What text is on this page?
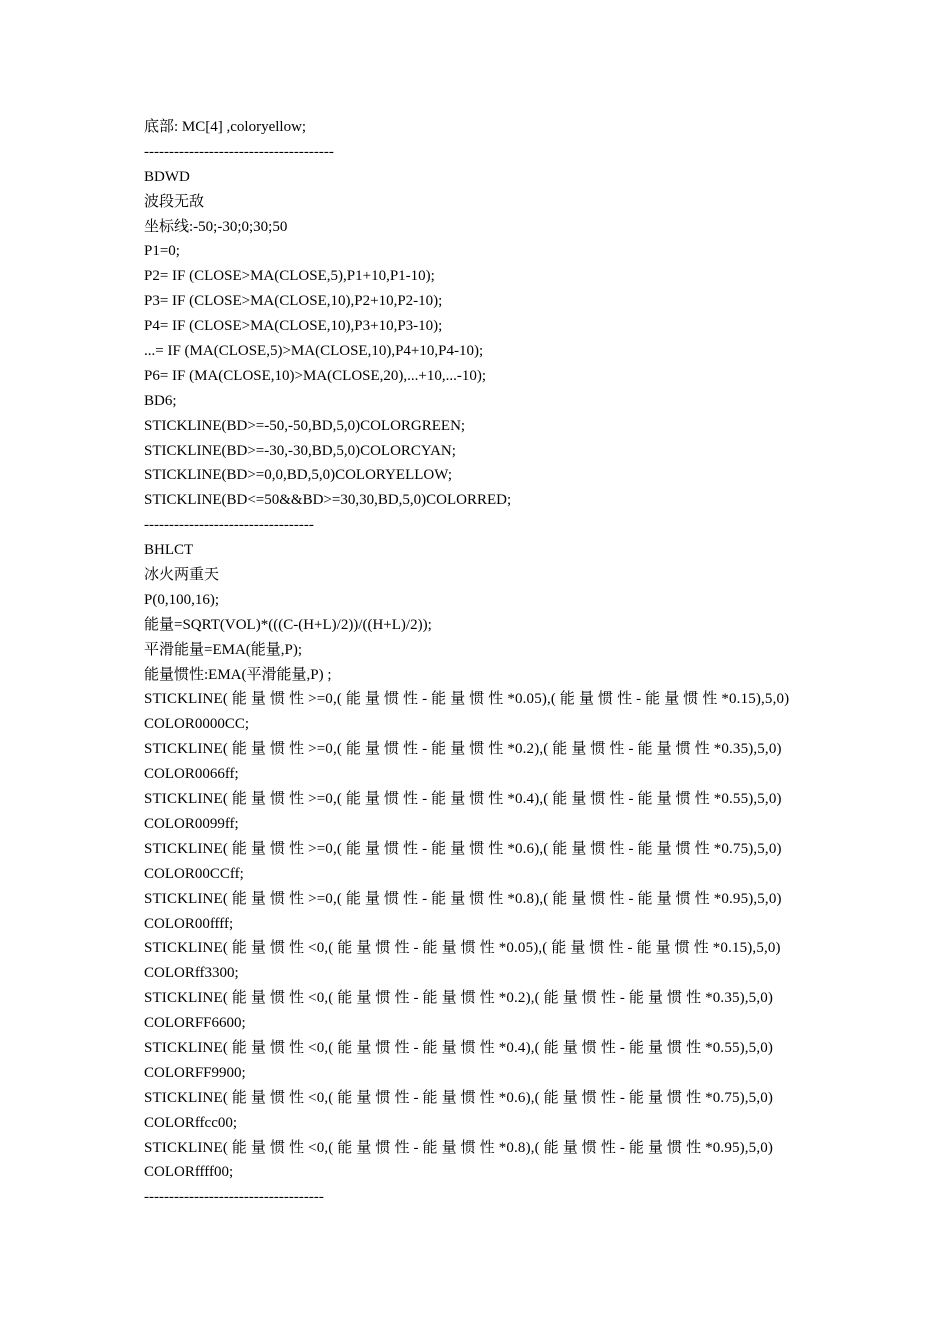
底部: MC[4] ,coloryellow;
--------------------------------------
BDWD
波段无敌
坐标线:-50;-30;0;30;50
P1=0;
P2= IF (CLOSE>MA(CLOSE,5),P1+10,P1-10);
P3= IF (CLOSE>MA(CLOSE,10),P2+10,P2-10);
P4= IF (CLOSE>MA(CLOSE,10),P3+10,P3-10);
...= IF (MA(CLOSE,5)>MA(CLOSE,10),P4+10,P4-10);
P6= IF (MA(CLOSE,10)>MA(CLOSE,20),...+10,...-10);
BD6;
STICKLINE(BD>=-50,-50,BD,5,0)COLORGREEN;
STICKLINE(BD>=-30,-30,BD,5,0)COLORCYAN;
STICKLINE(BD>=0,0,BD,5,0)COLORYELLOW;
STICKLINE(BD<=50&&BD>=30,30,BD,5,0)COLORRED;
----------------------------------
BHLCT
冰火两重天
P(0,100,16);
能量=SQRT(VOL)*(((C-(H+L)/2))/((H+L)/2));
平滑能量=EMA(能量,P);
能量惯性:EMA(平滑能量,P) ;
STICKLINE( 能 量 惯 性 >=0,( 能 量 惯 性 - 能 量 惯 性 *0.05),( 能 量 惯 性 - 能 量 惯 性 *0.15),5,0)
COLOR0000CC;
STICKLINE( 能 量 惯 性 >=0,( 能 量 惯 性 - 能 量 惯 性 *0.2),( 能 量 惯 性 - 能 量 惯 性 *0.35),5,0)
COLOR0066ff;
STICKLINE( 能 量 惯 性 >=0,( 能 量 惯 性 - 能 量 惯 性 *0.4),( 能 量 惯 性 - 能 量 惯 性 *0.55),5,0)
COLOR0099ff;
STICKLINE( 能 量 惯 性 >=0,( 能 量 惯 性 - 能 量 惯 性 *0.6),( 能 量 惯 性 - 能 量 惯 性 *0.75),5,0)
COLOR00CCff;
STICKLINE( 能 量 惯 性 >=0,( 能 量 惯 性 - 能 量 惯 性 *0.8),( 能 量 惯 性 - 能 量 惯 性 *0.95),5,0)
COLOR00ffff;
STICKLINE( 能 量 惯 性 <0,( 能 量 惯 性 - 能 量 惯 性 *0.05),( 能 量 惯 性 - 能 量 惯 性 *0.15),5,0)
COLORff3300;
STICKLINE( 能 量 惯 性 <0,( 能 量 惯 性 - 能 量 惯 性 *0.2),( 能 量 惯 性 - 能 量 惯 性 *0.35),5,0)
COLORFF6600;
STICKLINE( 能 量 惯 性 <0,( 能 量 惯 性 - 能 量 惯 性 *0.4),( 能 量 惯 性 - 能 量 惯 性 *0.55),5,0)
COLORFF9900;
STICKLINE( 能 量 惯 性 <0,( 能 量 惯 性 - 能 量 惯 性 *0.6),( 能 量 惯 性 - 能 量 惯 性 *0.75),5,0)
COLORffcc00;
STICKLINE( 能 量 惯 性 <0,( 能 量 惯 性 - 能 量 惯 性 *0.8),( 能 量 惯 性 - 能 量 惯 性 *0.95),5,0)
COLORffff00;
------------------------------------
